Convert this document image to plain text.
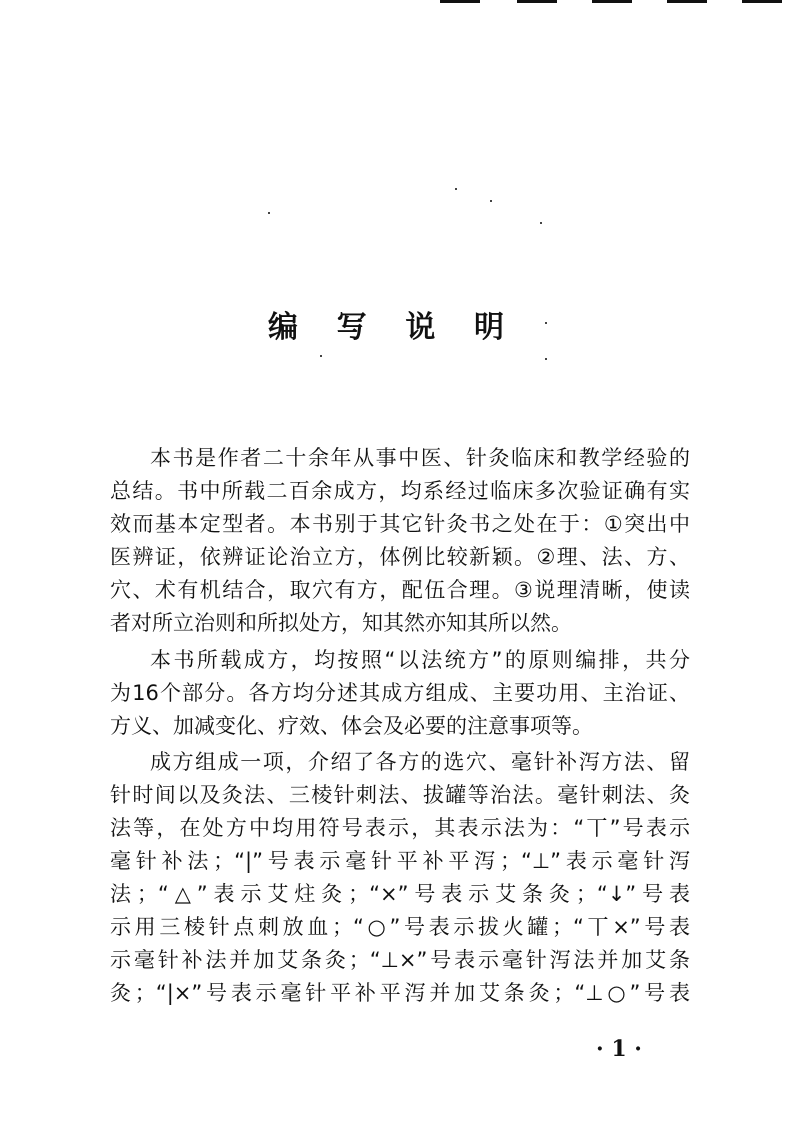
编 写 说 明
本书是作者二十余年从事中医、针灸临床和教学经验的
总结。书中所载二百余成方，均系经过临床多次验证确有实
效而基本定型者。本书别于其它针灸书之处在于：①突出中
医辨证，依辨证论治立方，体例比较新颖。②理、法、方、
穴、术有机结合，取穴有方，配伍合理。③说理清晰，使读
者对所立治则和所拟处方，知其然亦知其所以然。
本书所载成方，均按照“以法统方”的原则编排，共分
为16个部分。各方均分述其成方组成、主要功用、主治证、
方义、加减变化、疗效、体会及必要的注意事项等。
成方组成一项，介绍了各方的选穴、毫针补泻方法、留
针时间以及灸法、三棱针刺法、拔罐等治法。毫针刺法、灸
法等，在处方中均用符号表示，其表示法为：“丅”号表示
毫针补法；“|”号表示毫针平补平泻；“⊥”表示毫针泻
法；“△”表示艾炷灸；“×”号表示艾条灸；“↓”号表
示用三棱针点刺放血；“○”号表示拔火罐；“丅×”号表
示毫针补法并加艾条灸；“⊥×”号表示毫针泻法并加艾条
灸；“|×”号表示毫针平补平泻并加艾条灸；“⊥○”号表
· 1 ·
